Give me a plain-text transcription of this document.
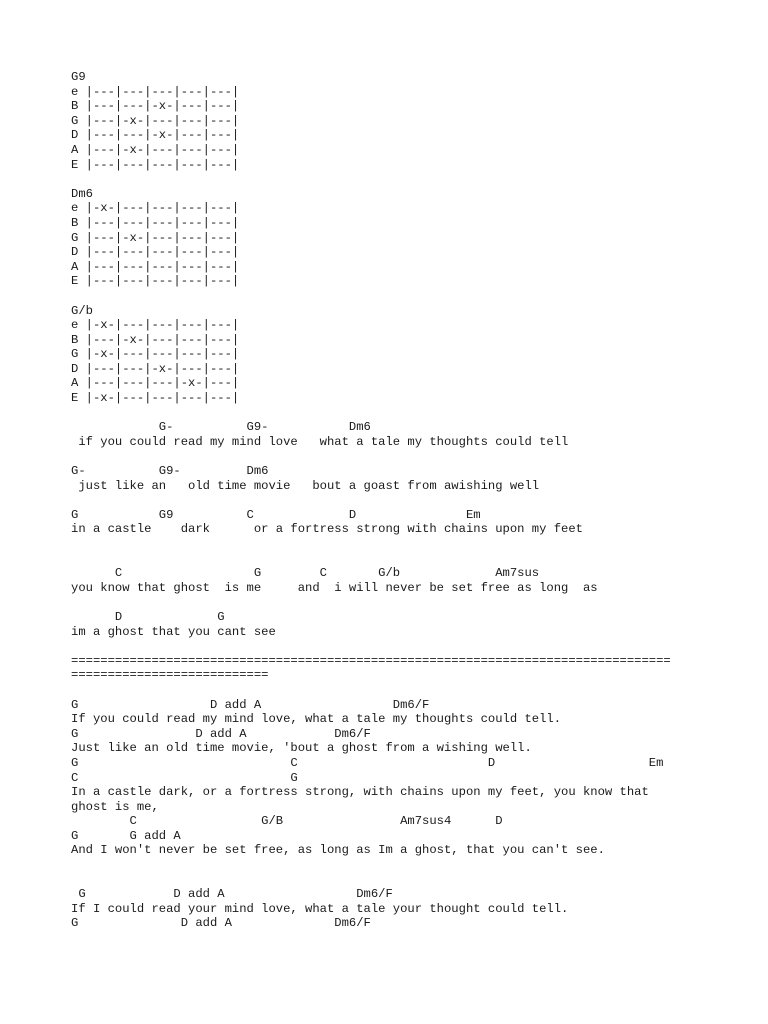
G9
e |---|---|---|---|---|
B |---|---|-x-|---|---|
G |---|-x-|---|---|---|
D |---|---|-x-|---|---|
A |---|-x-|---|---|---|
E |---|---|---|---|---|
Dm6
e |-x-|---|---|---|---|
B |---|---|---|---|---|
G |---|-x-|---|---|---|
D |---|---|---|---|---|
A |---|---|---|---|---|
E |---|---|---|---|---|
G/b
e |-x-|---|---|---|---|
B |---|-x-|---|---|---|
G |-x-|---|---|---|---|
D |---|---|-x-|---|---|
A |---|---|---|-x-|---|
E |-x-|---|---|---|---|
G-          G9-           Dm6
if you could read my mind love   what a tale my thoughts could tell
G-          G9-         Dm6
just like an   old time movie   bout a goast from awishing well
G           G9          C             D               Em
in a castle    dark      or a fortress strong with chains upon my feet
C                  G        C       G/b             Am7sus
you know that ghost  is me     and  i will never be set free as long  as
D             G
im a ghost that you cant see
==================================================================================
===========================
G                  D add A                  Dm6/F
If you could read my mind love, what a tale my thoughts could tell.
G                D add A            Dm6/F
Just like an old time movie, 'bout a ghost from a wishing well.
G                             C                          D                     Em
C                             G
In a castle dark, or a fortress strong, with chains upon my feet, you know that
ghost is me,
C                 G/B                Am7sus4      D
G       G add A
And I won't never be set free, as long as Im a ghost, that you can't see.
G            D add A                  Dm6/F
If I could read your mind love, what a tale your thought could tell.
G              D add A              Dm6/F
